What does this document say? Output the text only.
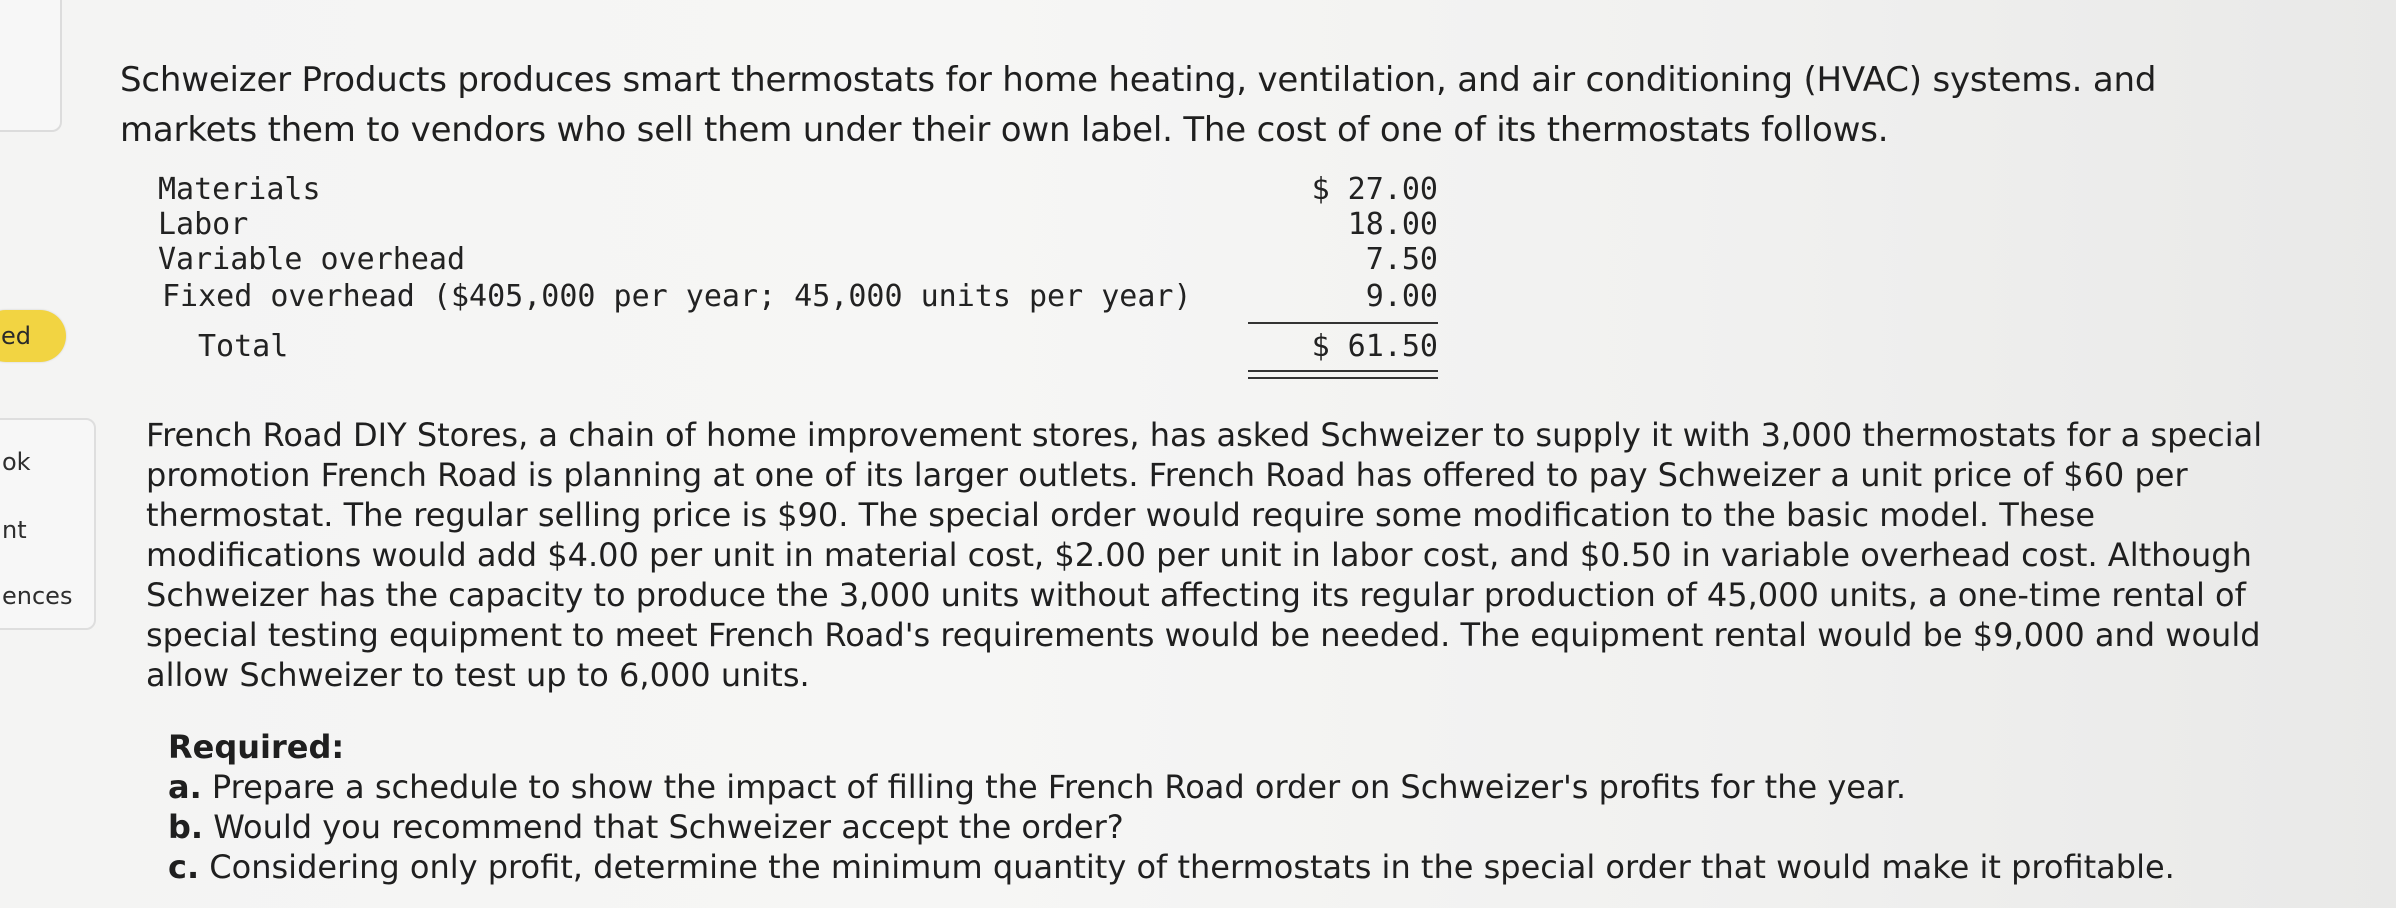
ed
ok
nt
ences

Schweizer Products produces smart thermostats for home heating, ventilation, and air conditioning (HVAC) systems. and markets them to vendors who sell them under their own label. The cost of one of its thermostats follows.

Materials	$ 27.00
Labor	18.00
Variable overhead	7.50
Fixed overhead ($405,000 per year; 45,000 units per year)	9.00
Total	$ 61.50

French Road DIY Stores, a chain of home improvement stores, has asked Schweizer to supply it with 3,000 thermostats for a special promotion French Road is planning at one of its larger outlets. French Road has offered to pay Schweizer a unit price of $60 per thermostat. The regular selling price is $90. The special order would require some modification to the basic model. These modifications would add $4.00 per unit in material cost, $2.00 per unit in labor cost, and $0.50 in variable overhead cost. Although Schweizer has the capacity to produce the 3,000 units without affecting its regular production of 45,000 units, a one-time rental of special testing equipment to meet French Road's requirements would be needed. The equipment rental would be $9,000 and would allow Schweizer to test up to 6,000 units.

Required:
a. Prepare a schedule to show the impact of filling the French Road order on Schweizer's profits for the year.
b. Would you recommend that Schweizer accept the order?
c. Considering only profit, determine the minimum quantity of thermostats in the special order that would make it profitable.
